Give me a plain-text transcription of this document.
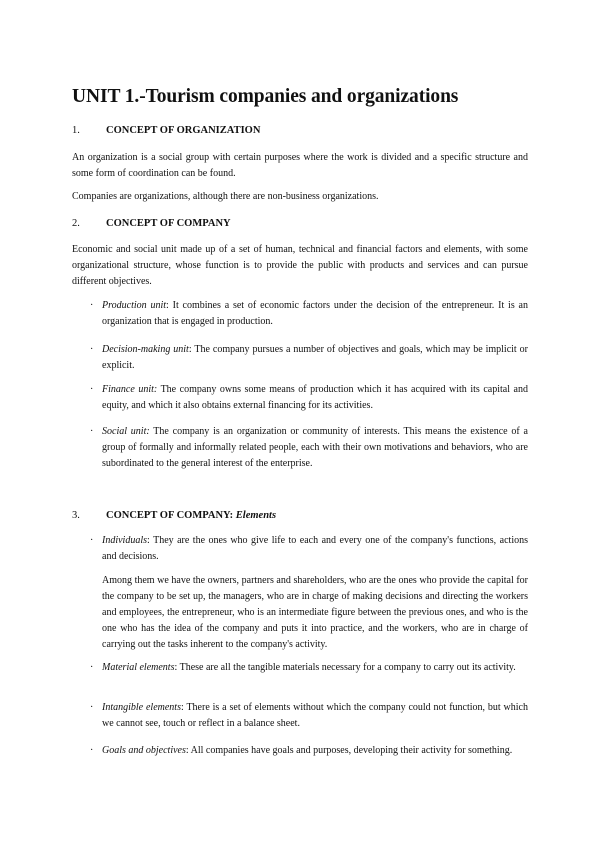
UNIT 1.-Tourism companies and organizations
1. CONCEPT OF ORGANIZATION

An organization is a social group with certain purposes where the work is divided and a specific structure and some form of coordination can be found.

Companies are organizations, although there are non-business organizations.

2. CONCEPT OF COMPANY

Economic and social unit made up of a set of human, technical and financial factors and elements, with some organizational structure, whose function is to provide the public with products and services and can pursue different objectives.

· Production unit: It combines a set of economic factors under the decision of the entrepreneur. It is an organization that is engaged in production.
· Decision-making unit: The company pursues a number of objectives and goals, which may be implicit or explicit.
· Finance unit: The company owns some means of production which it has acquired with its capital and equity, and which it also obtains external financing for its activities.
· Social unit: The company is an organization or community of interests. This means the existence of a group of formally and informally related people, each with their own motivations and behaviors, who are subordinated to the general interest of the enterprise.
3. CONCEPT OF COMPANY: Elements
· Individuals: They are the ones who give life to each and every one of the company's functions, actions and decisions.

Among them we have the owners, partners and shareholders, who are the ones who provide the capital for the company to be set up, the managers, who are in charge of making decisions and directing the workers and employees, the entrepreneur, who is an intermediate figure between the previous ones, and who is the one who has the idea of the company and puts it into practice, and the workers, who are in charge of carrying out the tasks inherent to the company's activity.

· Material elements: These are all the tangible materials necessary for a company to carry out its activity.
· Intangible elements: There is a set of elements without which the company could not function, but which we cannot see, touch or reflect in a balance sheet.
· Goals and objectives: All companies have goals and purposes, developing their activity for something.
